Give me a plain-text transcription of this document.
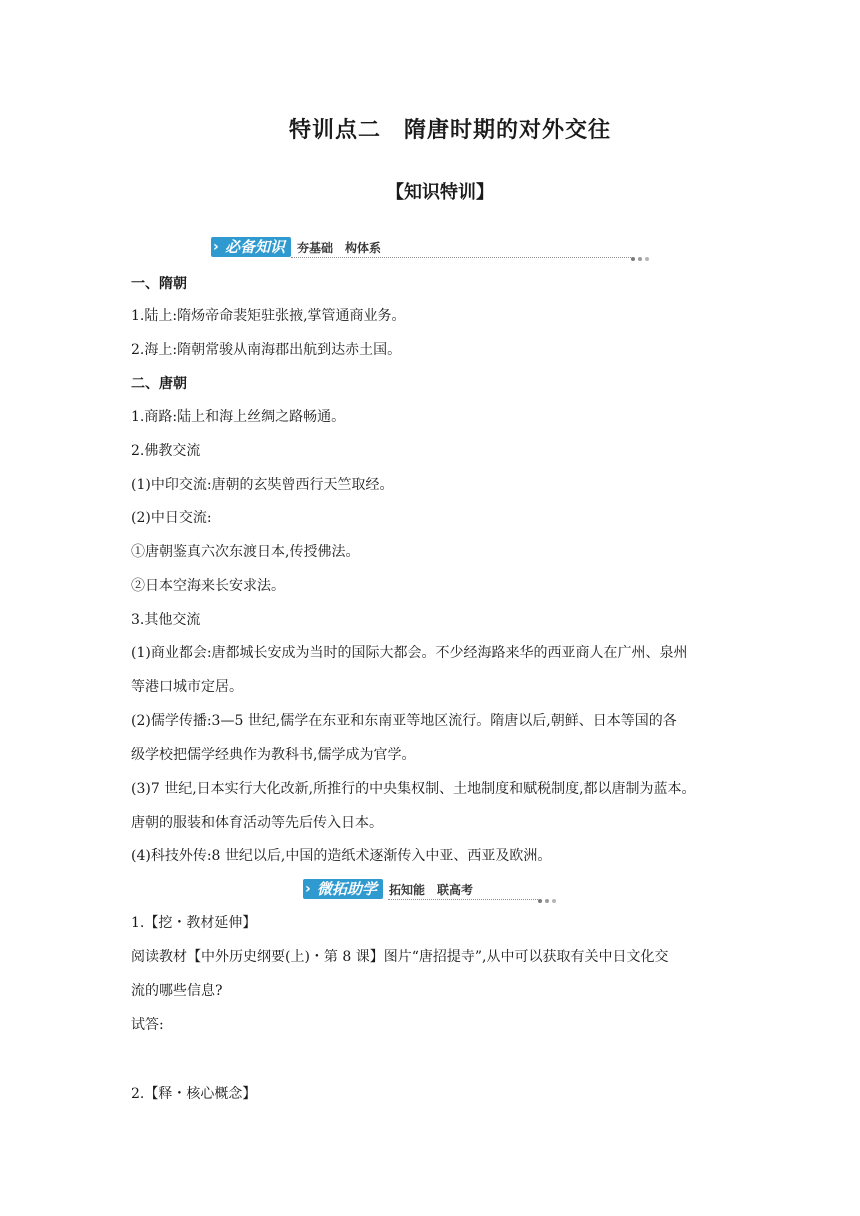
特训点二　隋唐时期的对外交往
【知识特训】
› 必备知识	夯基础 构体系
一、隋朝
1.陆上:隋炀帝命裴矩驻张掖,掌管通商业务。
2.海上:隋朝常骏从南海郡出航到达赤土国。
二、唐朝
1.商路:陆上和海上丝绸之路畅通。
2.佛教交流
(1)中印交流:唐朝的玄奘曾西行天竺取经。
(2)中日交流:
①唐朝鉴真六次东渡日本,传授佛法。
②日本空海来长安求法。
3.其他交流
(1)商业都会:唐都城长安成为当时的国际大都会。不少经海路来华的西亚商人在广州、泉州
等港口城市定居。
(2)儒学传播:3—5 世纪,儒学在东亚和东南亚等地区流行。隋唐以后,朝鲜、日本等国的各
级学校把儒学经典作为教科书,儒学成为官学。
(3)7 世纪,日本实行大化改新,所推行的中央集权制、土地制度和赋税制度,都以唐制为蓝本。
唐朝的服装和体育活动等先后传入日本。
(4)科技外传:8 世纪以后,中国的造纸术逐渐传入中亚、西亚及欧洲。
› 微拓助学	拓知能 联高考
1.【挖・教材延伸】
阅读教材【中外历史纲要(上)・第 8 课】图片“唐招提寺”,从中可以获取有关中日文化交
流的哪些信息?
试答:
2.【释・核心概念】
